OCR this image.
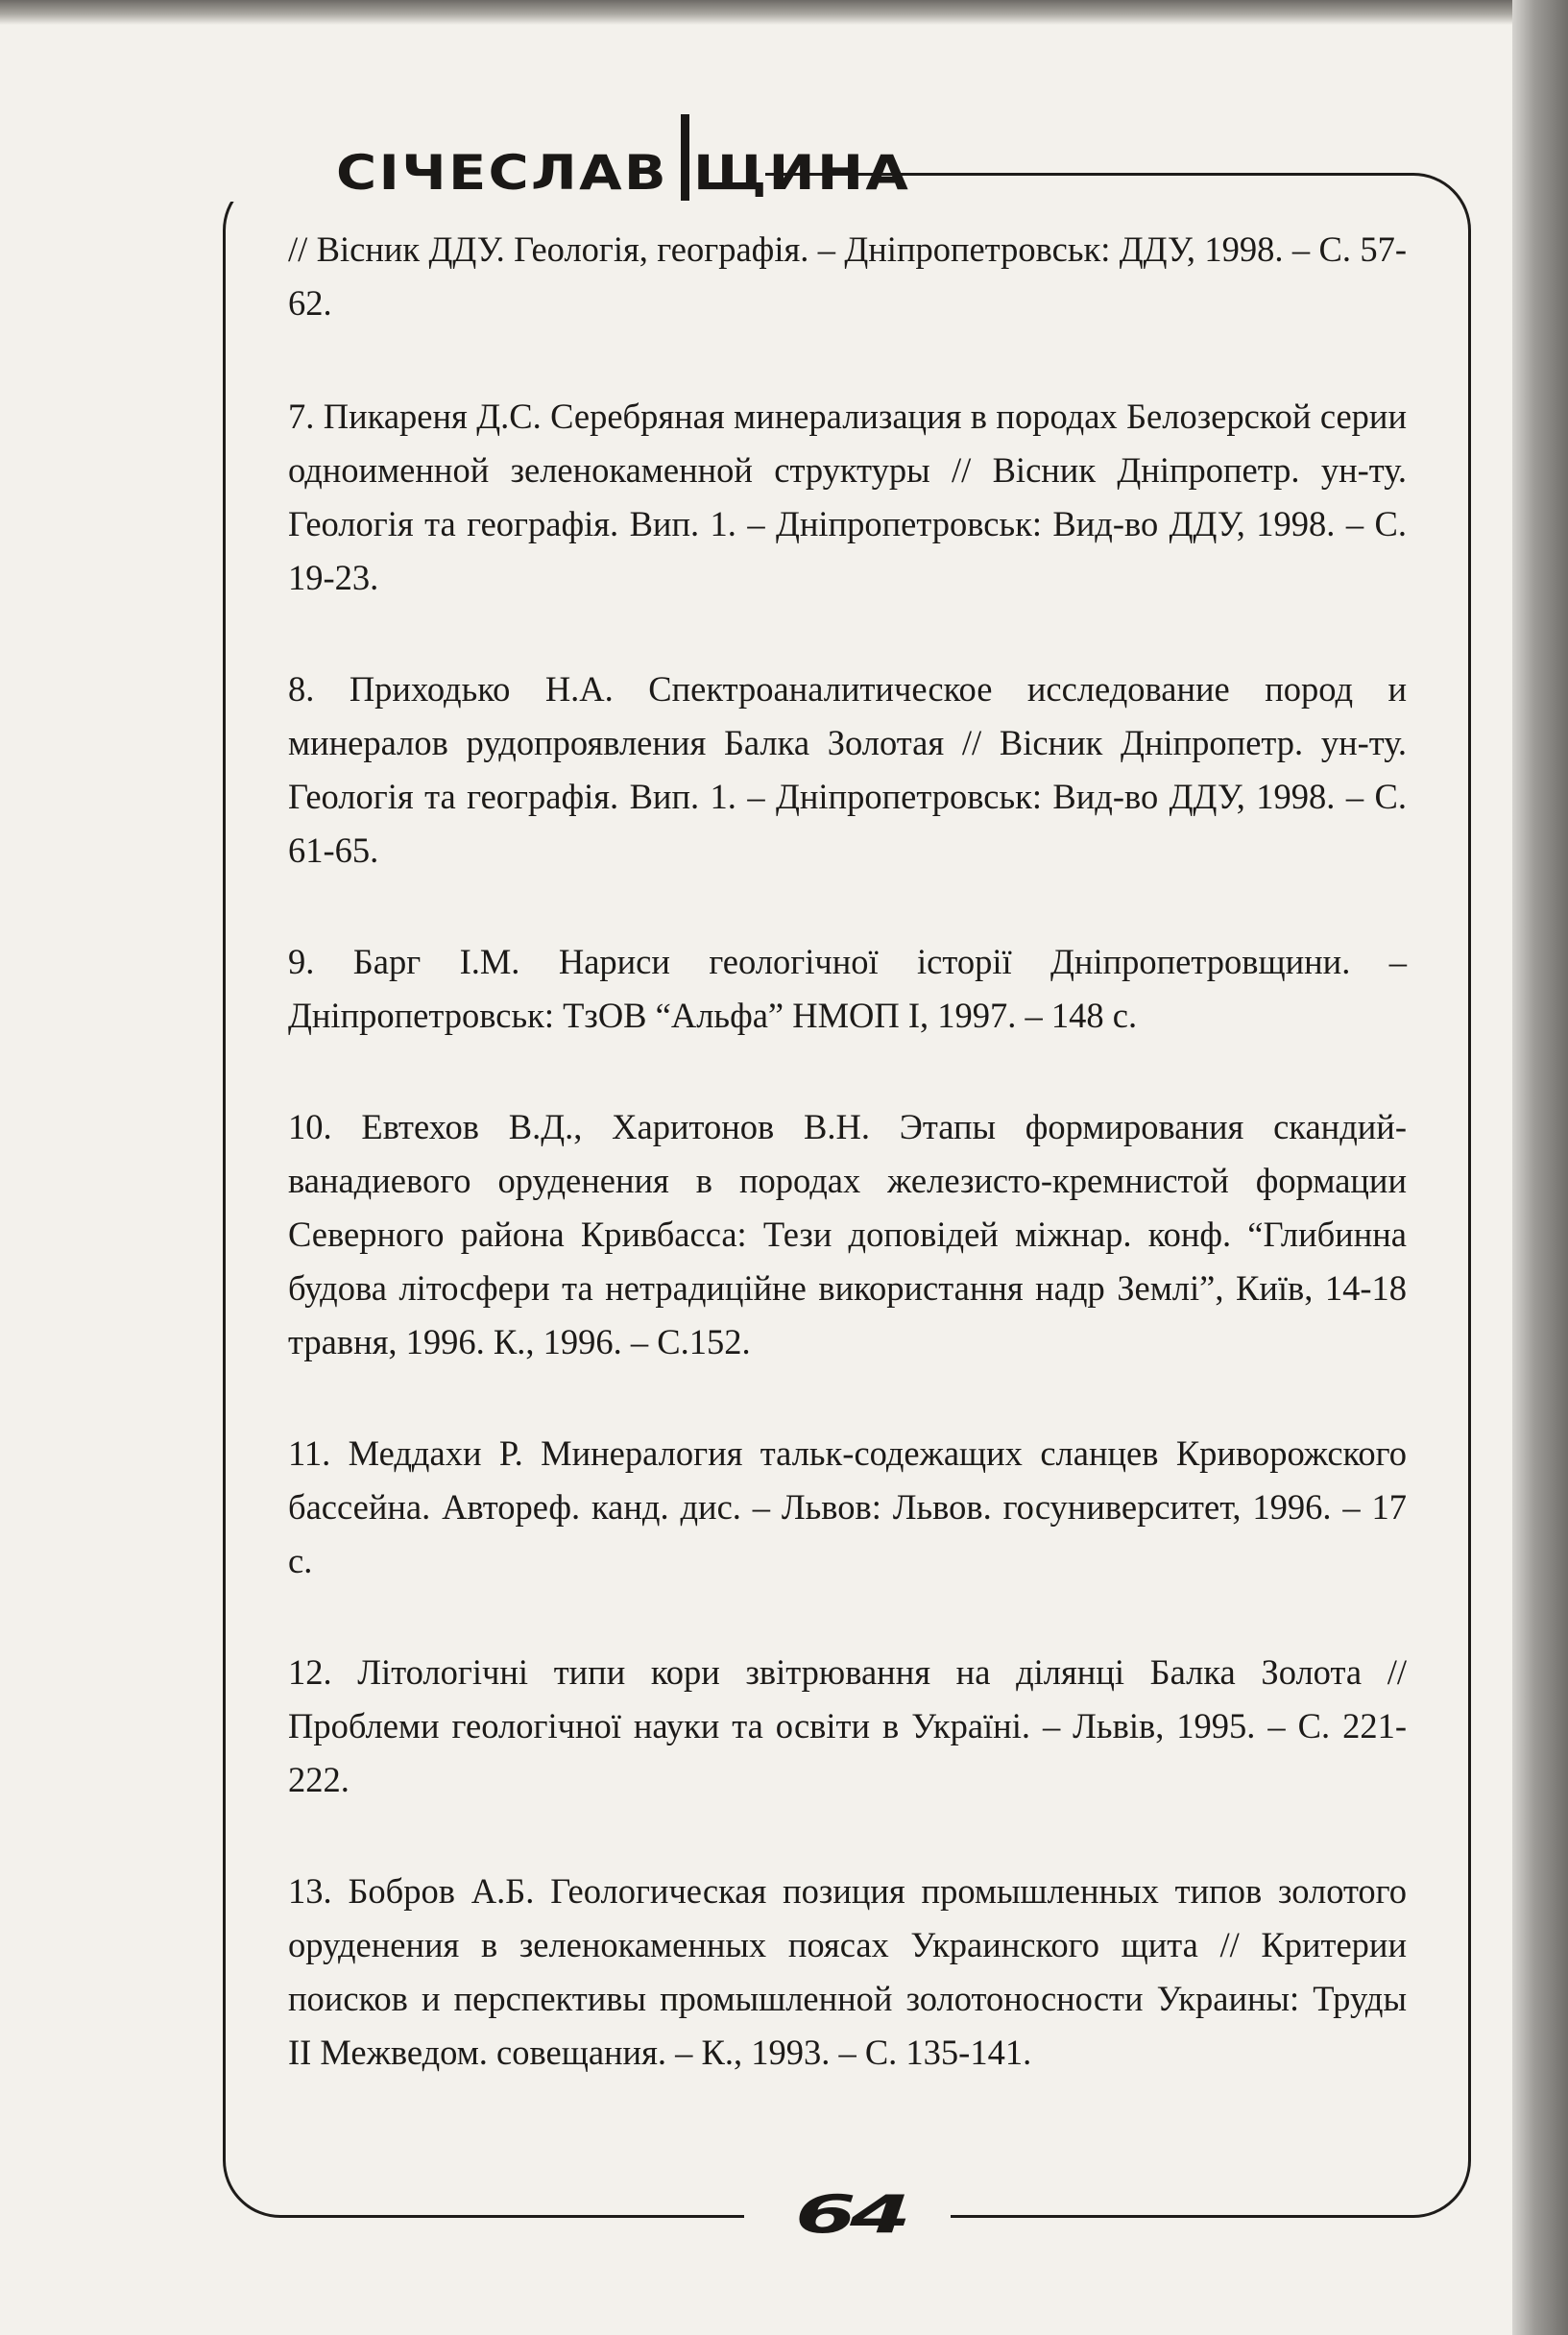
СІЧЕСЛАВ ЩИНА

// Вісник ДДУ. Геологія, географія. – Дніпропетровськ: ДДУ, 1998. – С. 57-62.

7. Пикареня Д.С. Серебряная минерализация в породах Белозерской серии одноименной зеленокаменной структуры // Вісник Дніпропетр. ун-ту. Геологія та географія. Вип. 1. – Дніпропетровськ: Вид-во ДДУ, 1998. – С. 19-23.

8. Приходько Н.А. Спектроаналитическое исследование пород и минералов рудопроявления Балка Золотая // Вісник Дніпропетр. ун-ту. Геологія та географія. Вип. 1. – Дніпропетровськ: Вид-во ДДУ, 1998. – С. 61-65.

9. Барг І.М. Нариси геологічної історії Дніпропетровщини. – Дніпропетровськ: ТзОВ “Альфа” НМОП І, 1997. – 148 с.

10. Евтехов В.Д., Харитонов В.Н. Этапы формирования скандий-ванадиевого оруденения в породах железисто-кремнистой формации Северного района Кривбасса: Тези доповідей міжнар. конф. “Глибинна будова літосфери та нетрадиційне використання надр Землі”, Київ, 14-18 травня, 1996. К., 1996. – С.152.

11. Меддахи Р. Минералогия тальк-содежащих сланцев Криворожского бассейна. Автореф. канд. дис. – Львов: Львов. госуниверситет, 1996. – 17 с.

12. Літологічні типи кори звітрювання на ділянці Балка Золота // Проблеми геологічної науки та освіти в Україні. – Львів, 1995. – С. 221-222.

13. Бобров А.Б. Геологическая позиция промышленных типов золотого оруденения в зеленокаменных поясах Украинского щита // Критерии поисков и перспективы промышленной золотоносности Украины: Труды II Межведом. совещания. – К., 1993. – С. 135-141.

64
